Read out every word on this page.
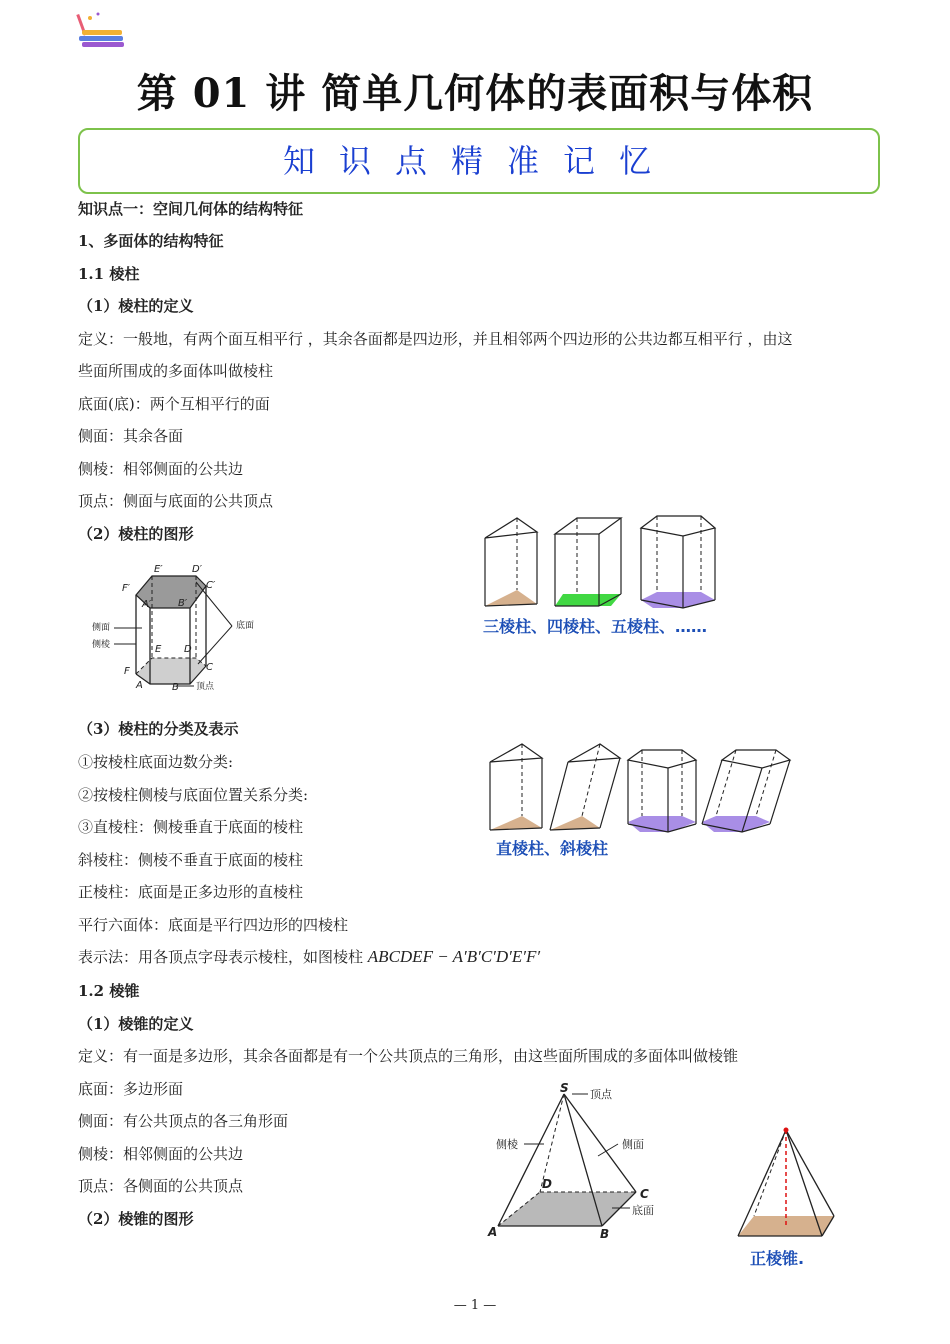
第 01 讲 简单几何体的表面积与体积
知识点精准记忆
知识点一：空间几何体的结构特征
1、多面体的结构特征
1.1 棱柱
（1）棱柱的定义
定义：一般地，有两个面互相平行 ，其余各面都是四边形，并且相邻两个四边形的公共边都互相平行 ，由这
些面所围成的多面体叫做棱柱
底面(底)：两个互相平行的面
侧面：其余各面
侧棱：相邻侧面的公共边
顶点：侧面与底面的公共顶点
（2）棱柱的图形
（3）棱柱的分类及表示
①按棱柱底面边数分类:
②按棱柱侧棱与底面位置关系分类:
③直棱柱：侧棱垂直于底面的棱柱
斜棱柱：侧棱不垂直于底面的棱柱
正棱柱：底面是正多边形的直棱柱
平行六面体：底面是平行四边形的四棱柱
表示法：用各顶点字母表示棱柱，如图棱柱 ABCDEF − A′B′C′D′E′F′
1.2 棱锥
（1）棱锥的定义
定义：有一面是多边形，其余各面都是有一个公共顶点的三角形，由这些面所围成的多面体叫做棱锥
底面：多边形面
侧面：有公共顶点的各三角形面
侧棱：相邻侧面的公共边
顶点：各侧面的公共顶点
（2）棱锥的图形
E′	D′
F′	C′
A′	B′
E D
F	C
A	B
侧面
侧棱
底面
顶点
三棱柱、四棱柱、五棱柱、……
直棱柱、斜棱柱
S
D
C
A	B
顶点
侧棱	侧面
底面
正棱锥.
— 1 —
